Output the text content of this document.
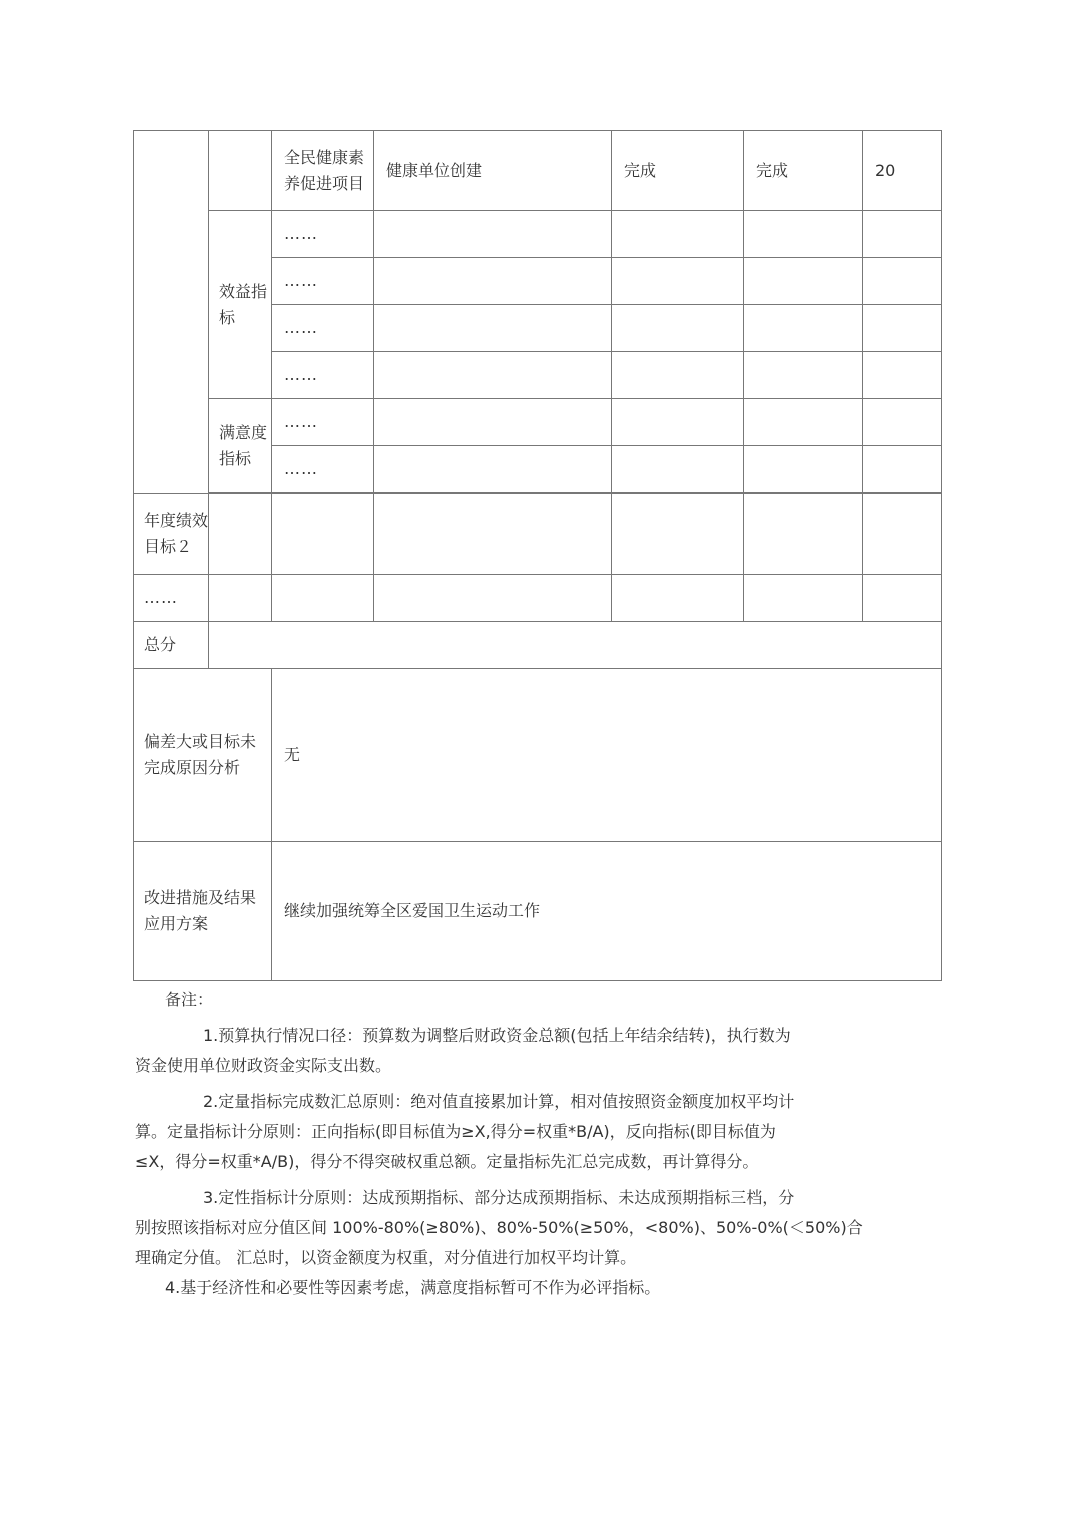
		全民健康素养促进项目	健康单位创建	完成	完成	20
	效益指标	……				
		……				
		……				
		……				
	满意度指标	……				
		……				

年度绩效目标２						
……						
总分						
偏差大或目标未完成原因分析		无				
改进措施及结果应用方案		继续加强统筹全区爱国卫生运动工作				

备注：

1.预算执行情况口径：预算数为调整后财政资金总额(包括上年结余结转)，执行数为

资金使用单位财政资金实际支出数。

2.定量指标完成数汇总原则：绝对值直接累加计算，相对值按照资金额度加权平均计

算。定量指标计分原则：正向指标(即目标值为≥X,得分=权重*B/A)，反向指标(即目标值为

≤X，得分=权重*A/B)，得分不得突破权重总额。定量指标先汇总完成数，再计算得分。

3.定性指标计分原则：达成预期指标、部分达成预期指标、未达成预期指标三档，分

别按照该指标对应分值区间 100%-80%(≥80%)、80%-50%(≥50%，<80%)、50%-0%(＜50%)合

理确定分值。 汇总时，以资金额度为权重，对分值进行加权平均计算。

4.基于经济性和必要性等因素考虑，满意度指标暂可不作为必评指标。
